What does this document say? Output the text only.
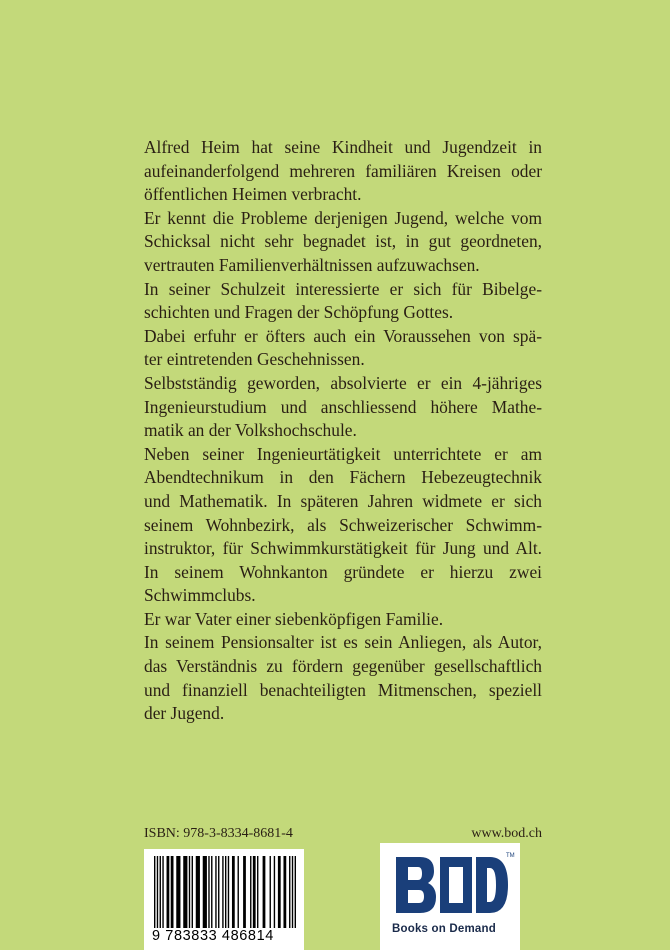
Alfred Heim hat seine Kindheit und Jugendzeit in
aufeinanderfolgend mehreren familiären Kreisen oder
öffentlichen Heimen verbracht.
Er kennt die Probleme derjenigen Jugend, welche vom
Schicksal nicht sehr begnadet ist, in gut geordneten,
vertrauten Familienverhältnissen aufzuwachsen.
In seiner Schulzeit interessierte er sich für Bibelge-
schichten und Fragen der Schöpfung Gottes.
Dabei erfuhr er öfters auch ein Voraussehen von spä-
ter eintretenden Geschehnissen.
Selbstständig geworden, absolvierte er ein 4-jähriges
Ingenieurstudium und anschliessend höhere Mathe-
matik an der Volkshochschule.
Neben seiner Ingenieurtätigkeit unterrichtete er am
Abendtechnikum in den Fächern Hebezeugtechnik
und Mathematik. In späteren Jahren widmete er sich
seinem Wohnbezirk, als Schweizerischer Schwimm-
instruktor, für Schwimmkurstätigkeit für Jung und Alt.
In seinem Wohnkanton gründete er hierzu zwei
Schwimmclubs.
Er war Vater einer siebenköpfigen Familie.
In seinem Pensionsalter ist es sein Anliegen, als Autor,
das Verständnis zu fördern gegenüber gesellschaftlich
und finanziell benachteiligten Mitmenschen, speziell
der Jugend.
ISBN: 978-3-8334-8681-4	www.bod.ch
9 783833 486814
TM
Books on Demand
